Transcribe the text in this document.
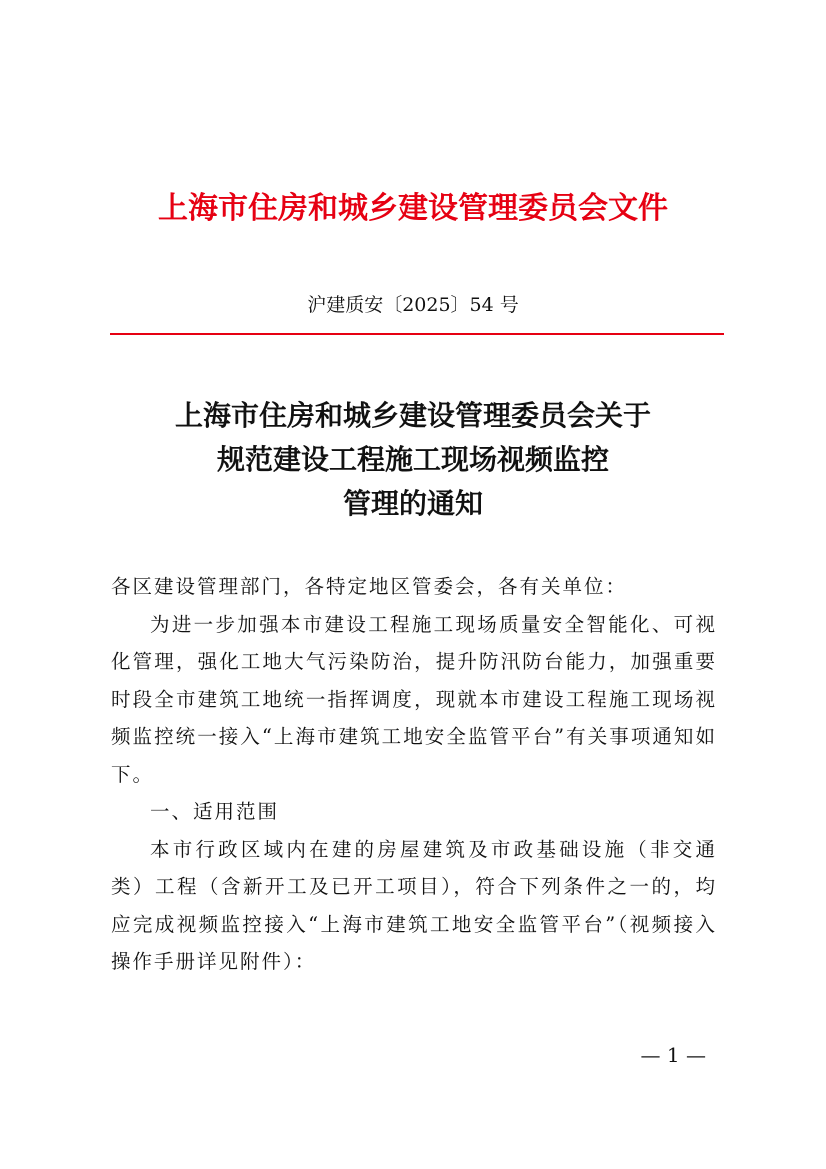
上海市住房和城乡建设管理委员会文件
沪建质安〔2025〕54 号
上海市住房和城乡建设管理委员会关于
规范建设工程施工现场视频监控
管理的通知

各区建设管理部门，各特定地区管委会，各有关单位：

为进一步加强本市建设工程施工现场质量安全智能化、可视化管理，强化工地大气污染防治，提升防汛防台能力，加强重要时段全市建筑工地统一指挥调度，现就本市建设工程施工现场视频监控统一接入“上海市建筑工地安全监管平台”有关事项通知如下。

一、适用范围

本市行政区域内在建的房屋建筑及市政基础设施（非交通类）工程（含新开工及已开工项目），符合下列条件之一的，均应完成视频监控接入“上海市建筑工地安全监管平台”（视频接入操作手册详见附件）：

— 1 —
